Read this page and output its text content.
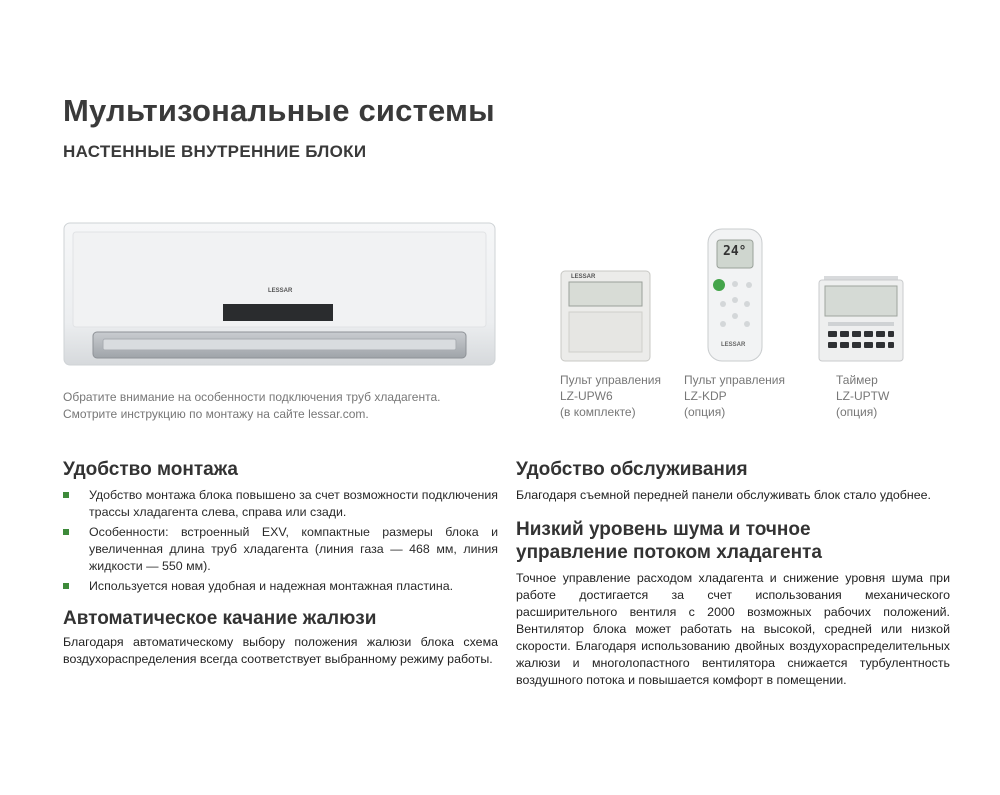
Мультизональные системы
НАСТЕННЫЕ ВНУТРЕННИЕ БЛОКИ
LESSAR
Обратите внимание на особенности подключения труб хладагента.
Смотрите инструкцию по монтажу на сайте lessar.com.
LESSAR
Пульт управления
LZ-UPW6
(в комплекте)
24°
LESSAR
Пульт управления
LZ-KDP
(опция)
Таймер
LZ-UPTW
(опция)
Удобство монтажа
Удобство монтажа блока повышено за счет возможности подключения трассы хладагента слева, справа или сзади.
Особенности: встроенный EXV, компактные размеры блока и увеличенная длина труб хладагента (линия газа — 468 мм, линия жидкости — 550 мм).
Используется новая удобная и надежная монтажная пластина.
Автоматическое качание жалюзи
Благодаря автоматическому выбору положения жалюзи блока схема воздухораспределения всегда соответствует выбранному режиму работы.
Удобство обслуживания
Благодаря съемной передней панели обслуживать блок стало удобнее.
Низкий уровень шума и точное управление потоком хладагента
Точное управление расходом хладагента и снижение уровня шума при работе достигается за счет использования механического расширительного вентиля с 2000 возможных рабочих положений. Вентилятор блока может работать на высокой, средней или низкой скорости. Благодаря использованию двойных воздухораспределительных жалюзи и многолопастного вентилятора снижается турбулентность воздушного потока и повышается комфорт в помещении.
